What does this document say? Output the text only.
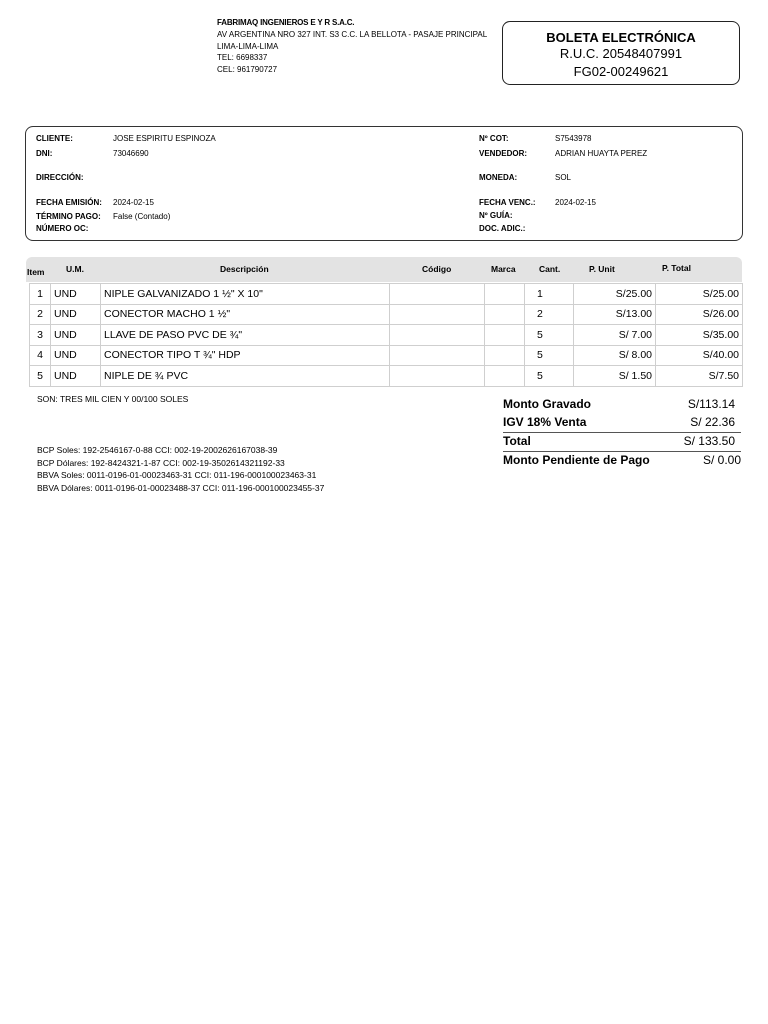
FABRIMAQ INGENIEROS E Y R S.A.C.
AV ARGENTINA NRO 327 INT. S3 C.C. LA BELLOTA - PASAJE PRINCIPAL
LIMA-LIMA-LIMA
TEL: 6698337
CEL: 961790727
BOLETA ELECTRÓNICA
R.U.C. 20548407991
FG02-00249621
CLIENTE:	JOSE ESPIRITU ESPINOZA
DNI:	73046690
DIRECCIÓN:
FECHA EMISIÓN: 2024-02-15
TÉRMINO PAGO: False (Contado)
NÚMERO OC:
Nº COT:	S7543978
VENDEDOR:	ADRIAN HUAYTA PEREZ
MONEDA:	SOL
FECHA VENC.: 2024-02-15
Nº GUÍA:
DOC. ADIC.:
Item	U.M.	Descripción	Código	Marca	Cant.	P. Unit	P. Total
1	UND	NIPLE GALVANIZADO 1 ½" X 10"			1	S/25.00	S/25.00
2	UND	CONECTOR MACHO 1 ½"			2	S/13.00	S/26.00
3	UND	LLAVE DE PASO PVC DE ¾"			5	S/ 7.00	S/35.00
4	UND	CONECTOR TIPO T ¾" HDP			5	S/ 8.00	S/40.00
5	UND	NIPLE DE ¾ PVC			5	S/ 1.50	S/7.50
SON: TRES MIL CIEN Y 00/100 SOLES	Monto Gravado	S/113.14
IGV 18% Venta	S/ 22.36
Total	S/ 133.50
Monto Pendiente de Pago	S/ 0.00
BCP Soles: 192-2546167-0-88 CCI: 002-19-2002626167038-39
BCP Dólares: 192-8424321-1-87 CCI: 002-19-3502614321192-33
BBVA Soles: 0011-0196-01-00023463-31 CCI: 011-196-000100023463-31
BBVA Dólares: 0011-0196-01-00023488-37 CCI: 011-196-000100023455-37
